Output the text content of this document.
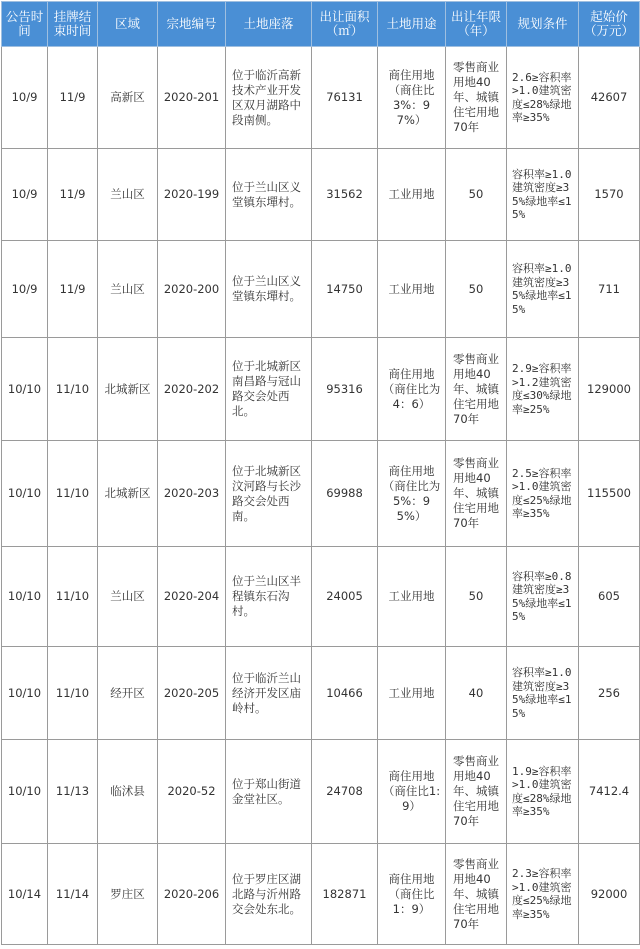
公告时间	挂牌结束时间	区域	宗地编号	土地座落	出让面积（㎡）	土地用途	出让年限（年）	规划条件	起始价（万元）
10/9	11/9	高新区	2020-201	位于临沂高新技术产业开发区双月湖路中段南侧。	76131	商住用地（商住比3%：97%）	零售商业用地40年、城镇住宅用地70年	2.6≥容积率>1.0建筑密度≤28%绿地率≥35%	42607
10/9	11/9	兰山区	2020-199	位于兰山区义堂镇东墠村。	31562	工业用地	50	容积率≥1.0建筑密度≥35%绿地率≤15%	1570
10/9	11/9	兰山区	2020-200	位于兰山区义堂镇东墠村。	14750	工业用地	50	容积率≥1.0建筑密度≥35%绿地率≤15%	711
10/10	11/10	北城新区	2020-202	位于北城新区南昌路与冠山路交会处西北。	95316	商住用地（商住比为4：6）	零售商业用地40年、城镇住宅用地70年	2.9≥容积率>1.2建筑密度≤30%绿地率≥25%	129000
10/10	11/10	北城新区	2020-203	位于北城新区汶河路与长沙路交会处西南。	69988	商住用地（商住比为5%：95%）	零售商业用地40年、城镇住宅用地70年	2.5≥容积率>1.0建筑密度≤25%绿地率≥35%	115500
10/10	11/10	兰山区	2020-204	位于兰山区半程镇东石沟村。	24005	工业用地	50	容积率≥0.8建筑密度≥35%绿地率≤15%	605
10/10	11/10	经开区	2020-205	位于临沂兰山经济开发区庙岭村。	10466	工业用地	40	容积率≥1.0建筑密度≥35%绿地率≤15%	256
10/10	11/13	临沭县	2020-52	位于郑山街道金堂社区。	24708	商住用地（商住比1:9）	零售商业用地40年、城镇住宅用地70年	1.9≥容积率>1.0建筑密度≤28%绿地率≥35%	7412.4
10/14	11/14	罗庄区	2020-206	位于罗庄区湖北路与沂州路交会处东北。	182871	商住用地（商住比1：9）	零售商业用地40年、城镇住宅用地70年	2.3≥容积率>1.0建筑密度≤25%绿地率≥35%	92000
